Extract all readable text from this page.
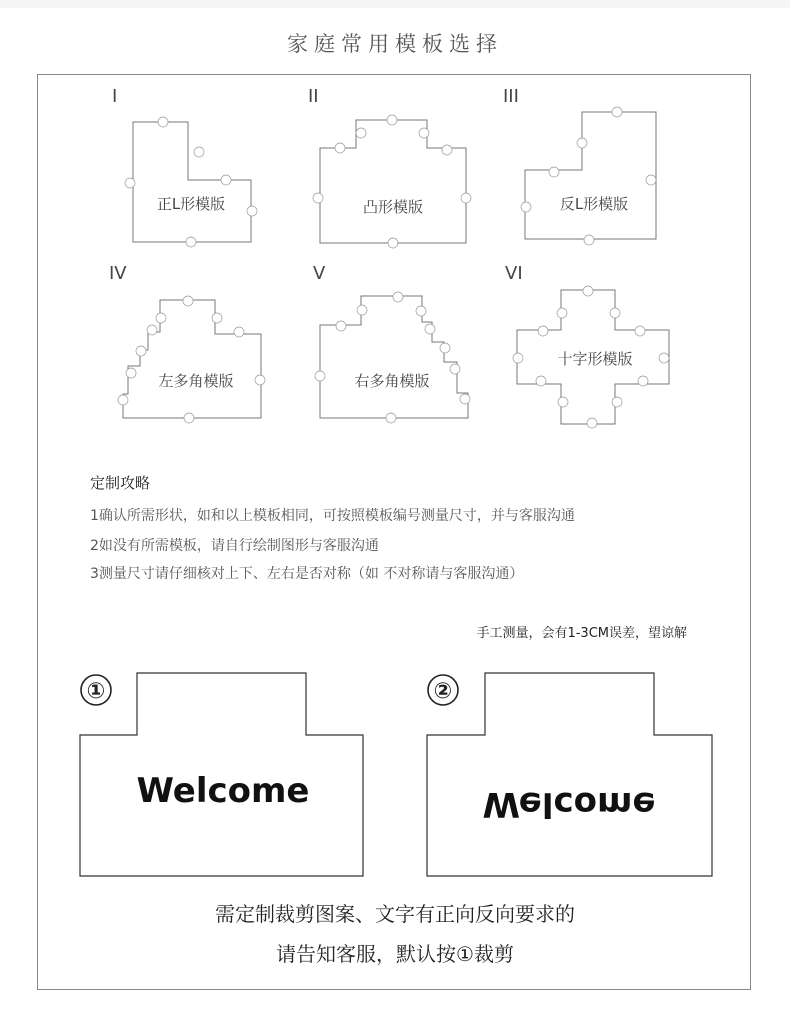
家庭常用模板选择
I	II	III
IV	V	VI
正L形模版	凸形模版	反L形模版
左多角模版	右多角模版
十字形模版
①
Welcome
②
Welcome
定制攻略
1确认所需形状，如和以上模板相同，可按照模板编号测量尺寸，并与客服沟通
2如没有所需模板，请自行绘制图形与客服沟通
3测量尺寸请仔细核对上下、左右是否对称（如 不对称请与客服沟通）
手工测量，会有1-3CM误差，望谅解
需定制裁剪图案、文字有正向反向要求的
请告知客服，默认按①裁剪
